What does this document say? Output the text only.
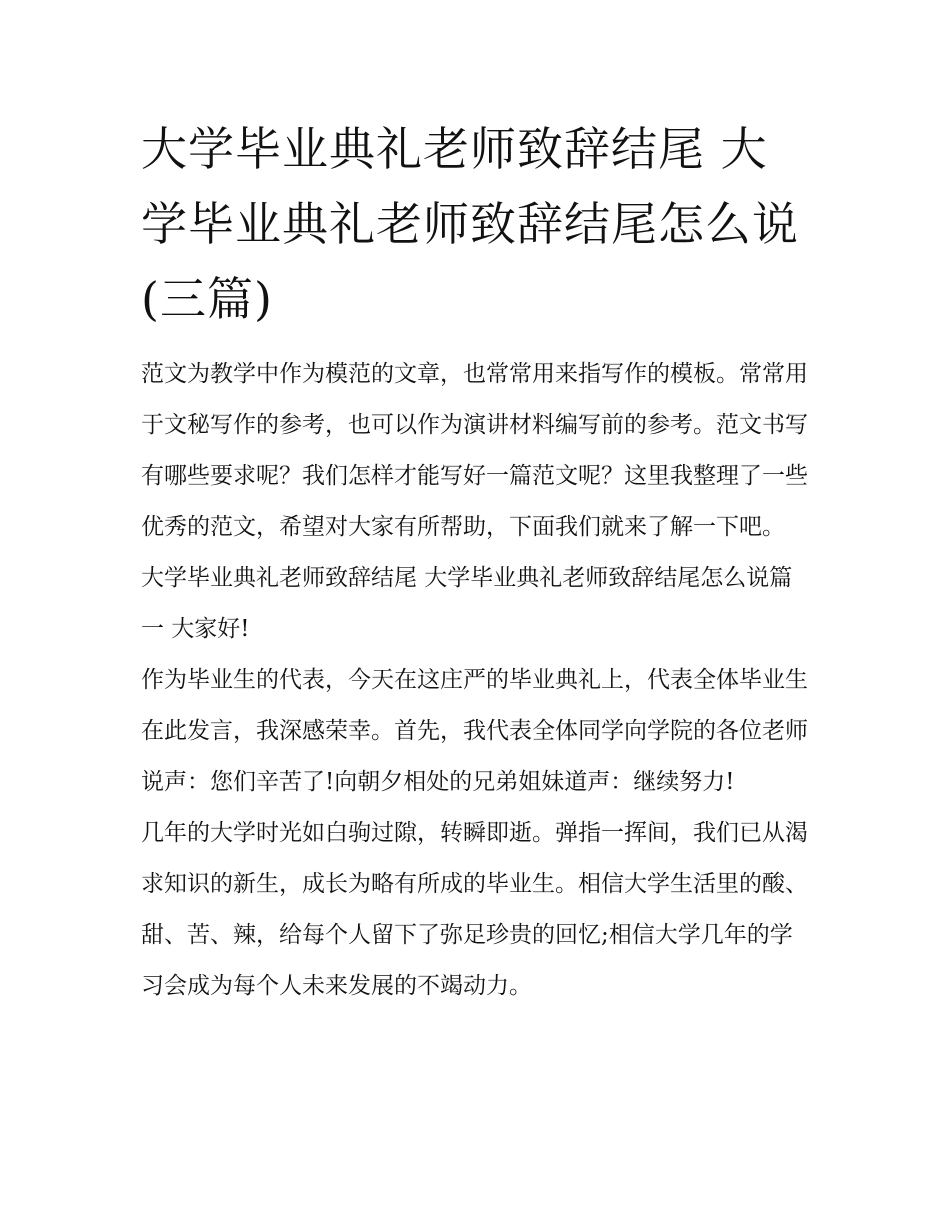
大学毕业典礼老师致辞结尾 大学毕业典礼老师致辞结尾怎么说(三篇)

范文为教学中作为模范的文章，也常常用来指写作的模板。常常用于文秘写作的参考，也可以作为演讲材料编写前的参考。范文书写有哪些要求呢？我们怎样才能写好一篇范文呢？这里我整理了一些优秀的范文，希望对大家有所帮助，下面我们就来了解一下吧。

大学毕业典礼老师致辞结尾 大学毕业典礼老师致辞结尾怎么说篇一 大家好!

作为毕业生的代表，今天在这庄严的毕业典礼上，代表全体毕业生在此发言，我深感荣幸。首先，我代表全体同学向学院的各位老师说声：您们辛苦了!向朝夕相处的兄弟姐妹道声：继续努力!

几年的大学时光如白驹过隙，转瞬即逝。弹指一挥间，我们已从渴求知识的新生，成长为略有所成的毕业生。相信大学生活里的酸、甜、苦、辣，给每个人留下了弥足珍贵的回忆;相信大学几年的学习会成为每个人未来发展的不竭动力。
